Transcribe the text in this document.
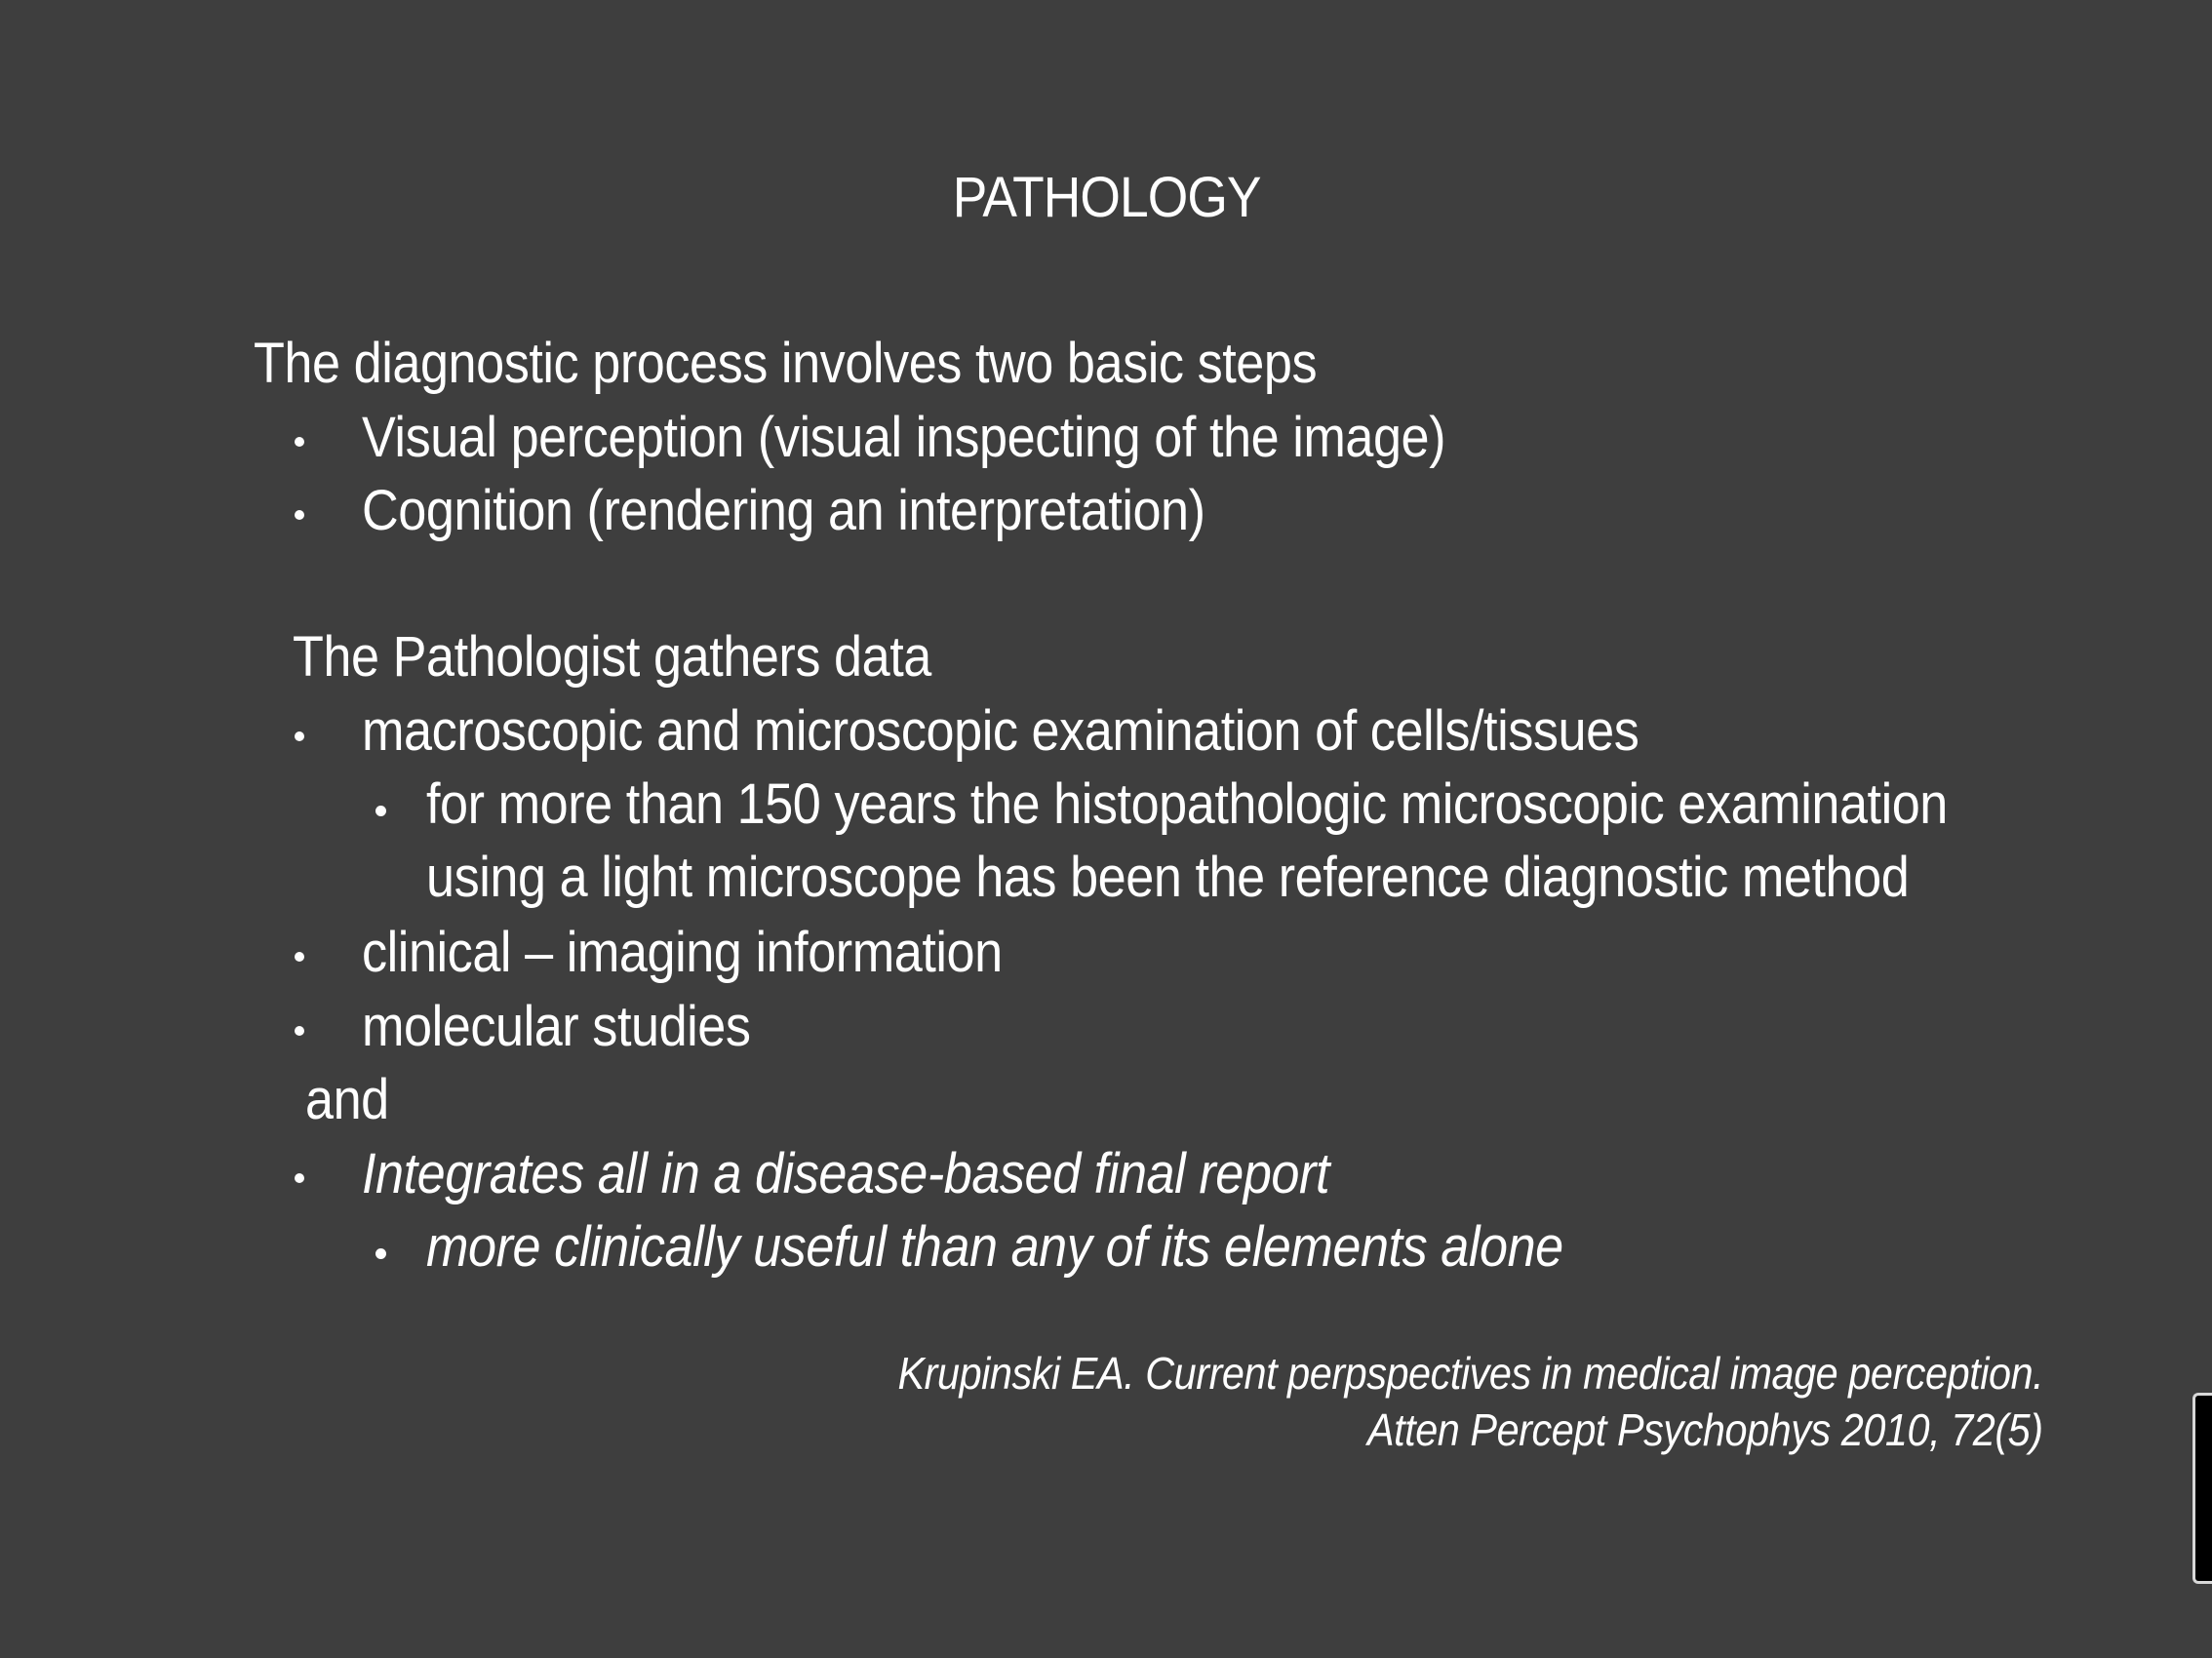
PATHOLOGY
The diagnostic process involves two basic steps
Visual perception (visual inspecting of the image)
Cognition (rendering an interpretation)
The Pathologist gathers data
macroscopic and microscopic examination of cells/tissues
for more than 150 years the histopathologic microscopic examination
using a light microscope has been the reference diagnostic method
clinical – imaging information
molecular studies
and
Integrates all in a disease-based final report
more clinically useful than any of its elements alone
Krupinski EA. Current perpspectives in medical image perception.
Atten Percept Psychophys 2010, 72(5)
